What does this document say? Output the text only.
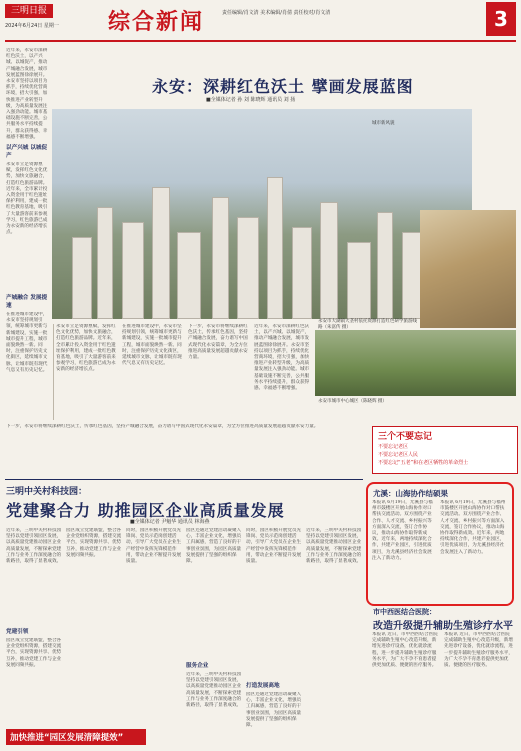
三明日报
2024年6月24日 星期一 综合新闻	责任编辑/肖文清 美术编辑/肖倩 责任校对/肖文清	3
近年来，永安市深耕红色沃土，以产兴城、以城促产，推动产城融合发展，城市发展蓝图徐徐展开。永安市坚持以项目为抓手，持续优化营商环境，招大引强，加快推进产业转型升级，为高质量发展注入强劲动能。城市基础设施不断完善，公共服务水平持续提升，群众获得感、幸福感不断增强。
以产兴城 以城促产
永安市立足资源禀赋，发挥红色文化优势，加快文旅融合，打造红色旅游品牌。近年来，全市累计投入资金用于红色遗址保护利用，建成一批红色教育基地，吸引了大量游客前来参观学习，红色旅游已成为永安新的经济增长点。
产城融合 发展提速
在推进城市建设中，永安市坚持规划引领，统筹城市更新与新城建设，实施一批城市提升工程，城市面貌焕然一新。同时，注重保护历史文化街区，延续城市文脉，让城市既有现代气息又有历史记忆。
永安：深耕红色沃土 擘画发展蓝图
■全媒体记者 孙 刘 陈晓辉 通讯员 刘 扬
城市新风貌
永安市大湖镇大垄村依托资源打造红色研学旅游线路（朱富传 摄）
永安市城市中心城区（陈晓辉 摄）
永安市立足资源禀赋，发挥红色文化优势，加快文旅融合，打造红色旅游品牌。近年来，全市累计投入资金用于红色遗址保护利用，建成一批红色教育基地，吸引了大量游客前来参观学习，红色旅游已成为永安新的经济增长点。
在推进城市建设中，永安市坚持规划引领，统筹城市更新与新城建设，实施一批城市提升工程，城市面貌焕然一新。同时，注重保护历史文化街区，延续城市文脉，让城市既有现代气息又有历史记忆。
下一步，永安市将继续深耕红色沃土，传承红色基因，坚持产城融合发展，奋力谱写中国式现代化永安篇章，为全方位推进高质量发展超越贡献永安力量。
近年来，永安市深耕红色沃土，以产兴城、以城促产，推动产城融合发展，城市发展蓝图徐徐展开。永安市坚持以项目为抓手，持续优化营商环境，招大引强，加快推进产业转型升级，为高质量发展注入强劲动能。城市基础设施不断完善，公共服务水平持续提升，群众获得感、幸福感不断增强。
三个不要忘记
不要忘记老区
不要忘记老区人民
不要忘记“五老”和在老区牺牲的革命烈士
下一步，永安市将继续深耕红色沃土，传承红色基因，坚持产城融合发展，奋力谱写中国式现代化永安篇章，为全方位推进高质量发展超越贡献永安力量。
三明中关村科技园：
党建聚合力 助推园区企业高质量发展
■全媒体记者 尹魁华 通讯员 林海燕
近年来，三明中关村科技园坚持以党建引领园区发展，以高质量党建推动园区企业高质量发展，不断探索党建工作与业务工作深度融合的新路径，取得了显著成效。
党建引领
园区成立党建联盟，整合各企业党组织资源，搭建交流平台，实现资源共享、优势互补，推动党建工作与企业发展同频共振。
园区成立党建联盟，整合各企业党组织资源，搭建交流平台，实现资源共享、优势互补，推动党建工作与企业发展同频共振。
同时，园区积极开展党员先锋岗、党员示范岗创建活动，引导广大党员在企业生产经营中发挥先锋模范作用，带动企业不断提升发展质量。
园区还通过党建活动凝聚人心，丰富企业文化，增强员工归属感，营造了良好的干事创业氛围，为园区高质量发展提供了坚强的组织保障。
服务企业
近年来，三明中关村科技园坚持以党建引领园区发展，以高质量党建推动园区企业高质量发展，不断探索党建工作与业务工作深度融合的新路径，取得了显著成效。
同时，园区积极开展党员先锋岗、党员示范岗创建活动，引导广大党员在企业生产经营中发挥先锋模范作用，带动企业不断提升发展质量。
打造发展高地
园区还通过党建活动凝聚人心，丰富企业文化，增强员工归属感，营造了良好的干事创业氛围，为园区高质量发展提供了坚强的组织保障。
近年来，三明中关村科技园坚持以党建引领园区发展，以高质量党建推动园区企业高质量发展，不断探索党建工作与业务工作深度融合的新路径，取得了显著成效。
尤溪：山海协作结硕果
本报讯 6月19日，尤溪县与福州市鼓楼区开展山海协作对口帮扶交流活动。双方围绕产业合作、人才交流、乡村振兴等方面深入交流，签订合作协议，推动山海协作取得新成效。近年来，两地持续深化合作，共建产业园区，引进优质项目，为尤溪县经济社会发展注入了新动力。
本报讯 6月19日，尤溪县与福州市鼓楼区开展山海协作对口帮扶交流活动。双方围绕产业合作、人才交流、乡村振兴等方面深入交流，签订合作协议，推动山海协作取得新成效。近年来，两地持续深化合作，共建产业园区，引进优质项目，为尤溪县经济社会发展注入了新动力。
市中西医结合医院：
改造升级提升辅助生殖诊疗水平
本报讯 近日，市中西医结合医院完成辅助生殖中心改造升级，新增先进诊疗设备，优化就诊流程，进一步提升辅助生殖诊疗服务水平，为广大不孕不育患者提供更加优质、便捷的医疗服务。
本报讯 近日，市中西医结合医院完成辅助生殖中心改造升级，新增先进诊疗设备，优化就诊流程，进一步提升辅助生殖诊疗服务水平，为广大不孕不育患者提供更加优质、便捷的医疗服务。
加快推进“园区发展清障提效”
